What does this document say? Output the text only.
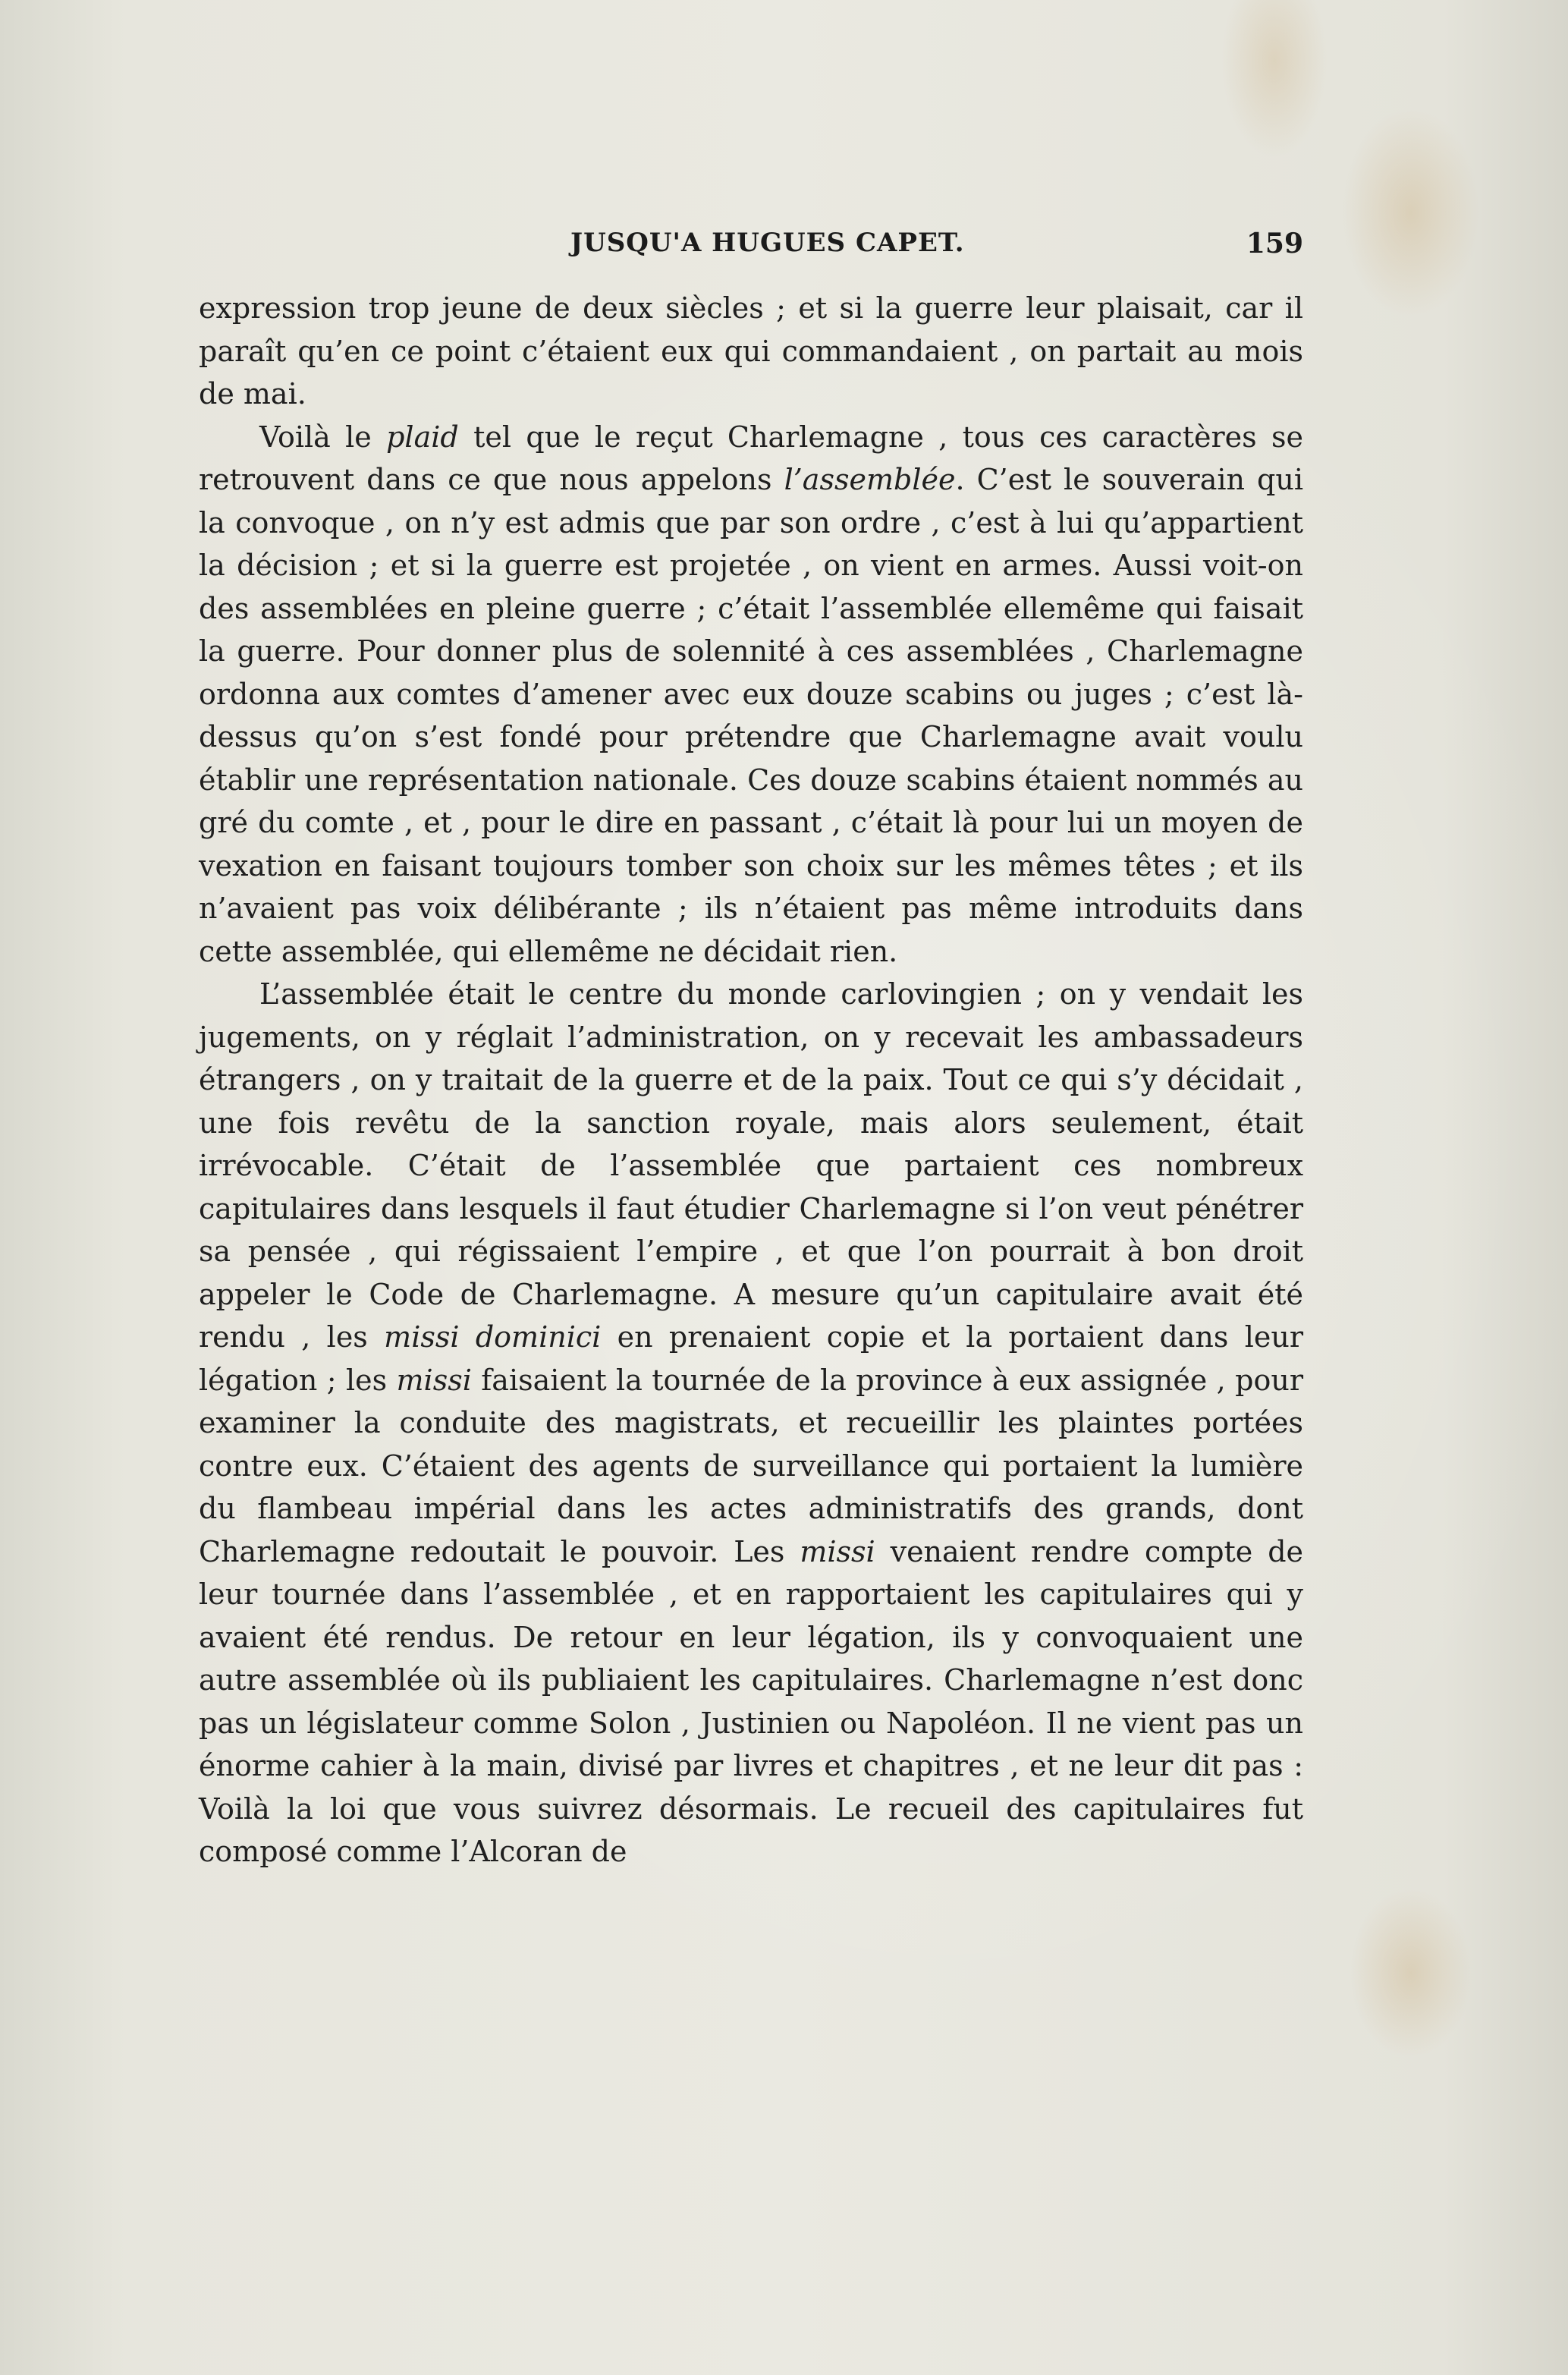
JUSQU'A HUGUES CAPET.	159

expression trop jeune de deux siècles ; et si la guerre leur plaisait, car il paraît qu’en ce point c’étaient eux qui commandaient , on partait au mois de mai.

Voilà le plaid tel que le reçut Charlemagne , tous ces caractères se retrouvent dans ce que nous appelons l’assemblée. C’est le souverain qui la convoque , on n’y est admis que par son ordre , c’est à lui qu’appartient la décision ; et si la guerre est projetée , on vient en armes. Aussi voit-on des assemblées en pleine guerre ; c’était l’assemblée ellemême qui faisait la guerre. Pour donner plus de solennité à ces assemblées , Charlemagne ordonna aux comtes d’amener avec eux douze scabins ou juges ; c’est là-dessus qu’on s’est fondé pour prétendre que Charlemagne avait voulu établir une représentation nationale. Ces douze scabins étaient nommés au gré du comte , et , pour le dire en passant , c’était là pour lui un moyen de vexation en faisant toujours tomber son choix sur les mêmes têtes ; et ils n’avaient pas voix délibérante ; ils n’étaient pas même introduits dans cette assemblée, qui ellemême ne décidait rien.

L’assemblée était le centre du monde carlovingien ; on y vendait les jugements, on y réglait l’administration, on y recevait les ambassadeurs étrangers , on y traitait de la guerre et de la paix. Tout ce qui s’y décidait , une fois revêtu de la sanction royale, mais alors seulement, était irrévocable. C’était de l’assemblée que partaient ces nombreux capitulaires dans lesquels il faut étudier Charlemagne si l’on veut pénétrer sa pensée , qui régissaient l’empire , et que l’on pourrait à bon droit appeler le Code de Charlemagne. A mesure qu’un capitulaire avait été rendu , les missi dominici en prenaient copie et la portaient dans leur légation ; les missi faisaient la tournée de la province à eux assignée , pour examiner la conduite des magistrats, et recueillir les plaintes portées contre eux. C’étaient des agents de surveillance qui portaient la lumière du flambeau impérial dans les actes administratifs des grands, dont Charlemagne redoutait le pouvoir. Les missi venaient rendre compte de leur tournée dans l’assemblée , et en rapportaient les capitulaires qui y avaient été rendus. De retour en leur légation, ils y convoquaient une autre assemblée où ils publiaient les capitulaires. Charlemagne n’est donc pas un législateur comme Solon , Justinien ou Napoléon. Il ne vient pas un énorme cahier à la main, divisé par livres et chapitres , et ne leur dit pas : Voilà la loi que vous suivrez désormais. Le recueil des capitulaires fut composé comme l’Alcoran de
